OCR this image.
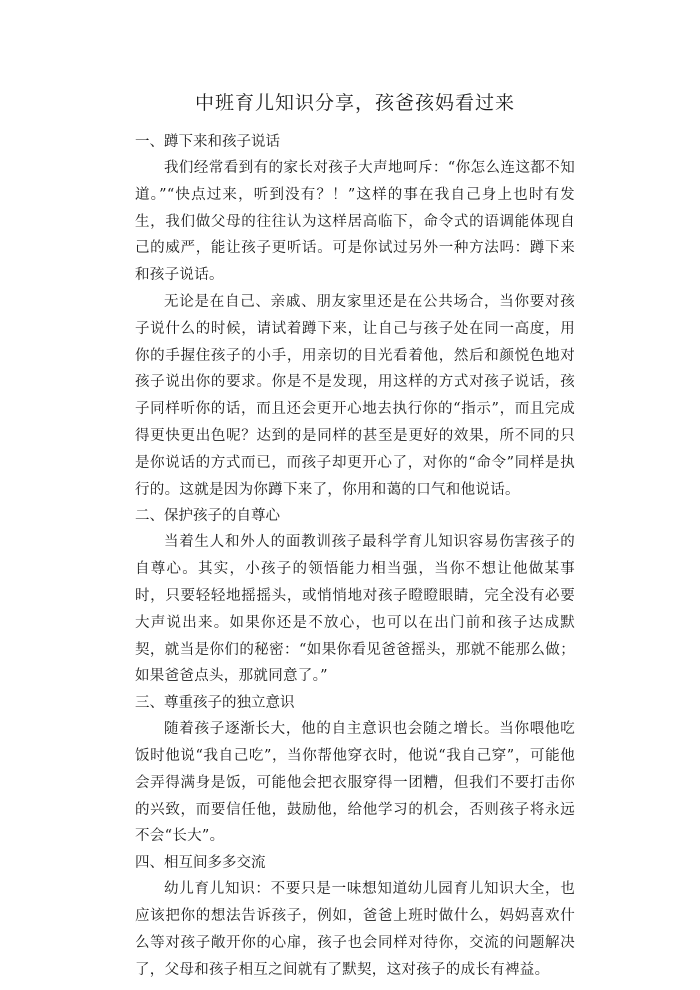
中班育儿知识分享，孩爸孩妈看过来
一、蹲下来和孩子说话

我们经常看到有的家长对孩子大声地呵斥：“你怎么连这都不知道。”“快点过来，听到没有？！”这样的事在我自己身上也时有发生，我们做父母的往往认为这样居高临下，命令式的语调能体现自己的威严，能让孩子更听话。可是你试过另外一种方法吗：蹲下来和孩子说话。

无论是在自己、亲戚、朋友家里还是在公共场合，当你要对孩子说什么的时候，请试着蹲下来，让自己与孩子处在同一高度，用你的手握住孩子的小手，用亲切的目光看着他，然后和颜悦色地对孩子说出你的要求。你是不是发现，用这样的方式对孩子说话，孩子同样听你的话，而且还会更开心地去执行你的“指示”，而且完成得更快更出色呢？达到的是同样的甚至是更好的效果，所不同的只是你说话的方式而已，而孩子却更开心了，对你的“命令”同样是执行的。这就是因为你蹲下来了，你用和蔼的口气和他说话。

二、保护孩子的自尊心

当着生人和外人的面教训孩子最科学育儿知识容易伤害孩子的自尊心。其实，小孩子的领悟能力相当强，当你不想让他做某事时，只要轻轻地摇摇头，或悄悄地对孩子瞪瞪眼睛，完全没有必要大声说出来。如果你还是不放心，也可以在出门前和孩子达成默契，就当是你们的秘密：“如果你看见爸爸摇头，那就不能那么做；如果爸爸点头，那就同意了。”

三、尊重孩子的独立意识

随着孩子逐渐长大，他的自主意识也会随之增长。当你喂他吃饭时他说“我自己吃”，当你帮他穿衣时，他说“我自己穿”，可能他会弄得满身是饭，可能他会把衣服穿得一团糟，但我们不要打击你的兴致，而要信任他，鼓励他，给他学习的机会，否则孩子将永远不会“长大”。

四、相互间多多交流

幼儿育儿知识：不要只是一味想知道幼儿园育儿知识大全，也应该把你的想法告诉孩子，例如，爸爸上班时做什么，妈妈喜欢什么等对孩子敞开你的心扉，孩子也会同样对待你，交流的问题解决了，父母和孩子相互之间就有了默契，这对孩子的成长有裨益。
